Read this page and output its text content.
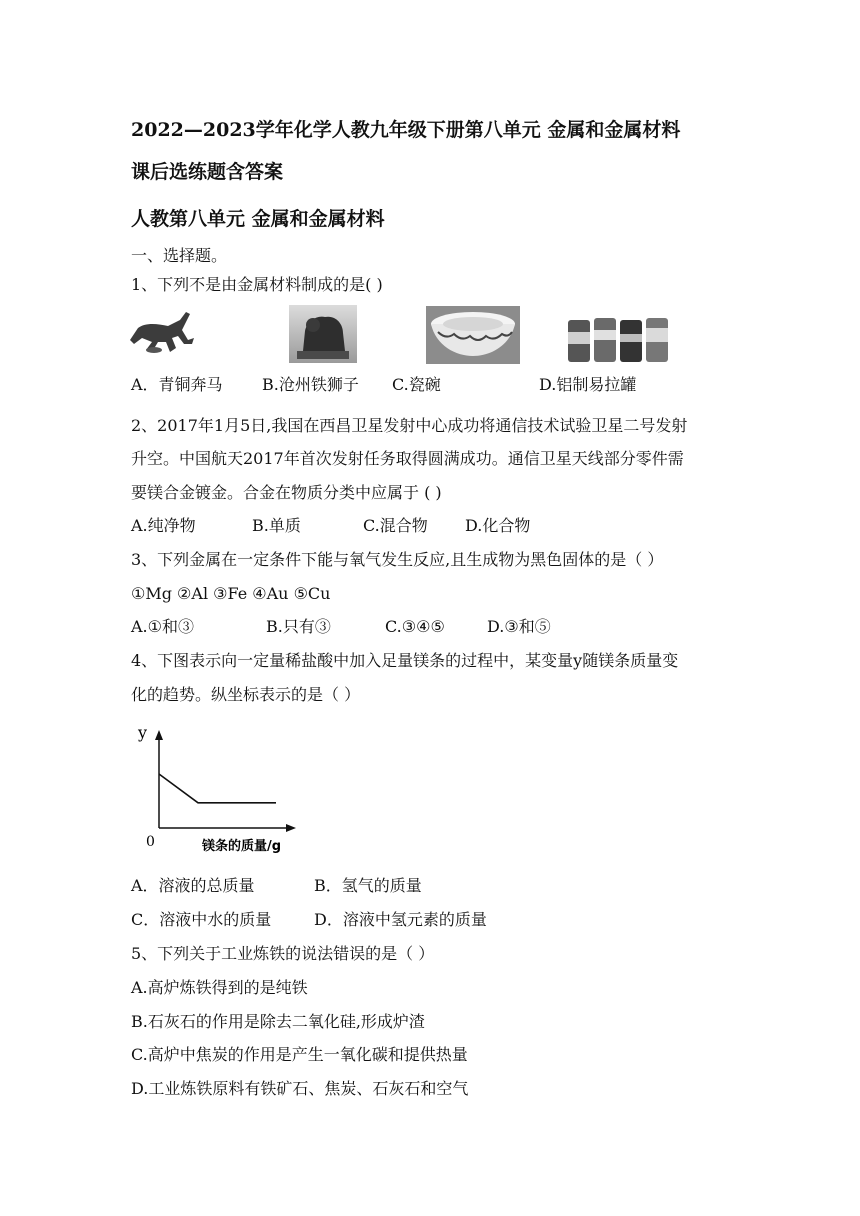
2022—2023学年化学人教九年级下册第八单元 金属和金属材料
课后选练题含答案
人教第八单元 金属和金属材料
一、选择题。
1、下列不是由金属材料制成的是( )
A．青铜奔马 B.沧州铁狮子 C.瓷碗	D.铝制易拉罐
2、2017年1月5日,我国在西昌卫星发射中心成功将通信技术试验卫星二号发射
升空。中国航天2017年首次发射任务取得圆满成功。通信卫星天线部分零件需
要镁合金镀金。合金在物质分类中应属于 ( )
A.纯净物	B.单质	C.混合物 D.化合物
3、下列金属在一定条件下能与氧气发生反应,且生成物为黑色固体的是（ ）
①Mg ②Al ③Fe ④Au ⑤Cu
A.①和③	B.只有③	C.③④⑤	D.③和⑤
4、下图表示向一定量稀盐酸中加入足量镁条的过程中，某变量y随镁条质量变
化的趋势。纵坐标表示的是（ ）
y
0	镁条的质量/g
A．溶液的总质量	B．氢气的质量
C．溶液中水的质量	D．溶液中氢元素的质量
5、下列关于工业炼铁的说法错误的是（ ）
A.高炉炼铁得到的是纯铁
B.石灰石的作用是除去二氧化硅,形成炉渣
C.高炉中焦炭的作用是产生一氧化碳和提供热量
D.工业炼铁原料有铁矿石、焦炭、石灰石和空气
